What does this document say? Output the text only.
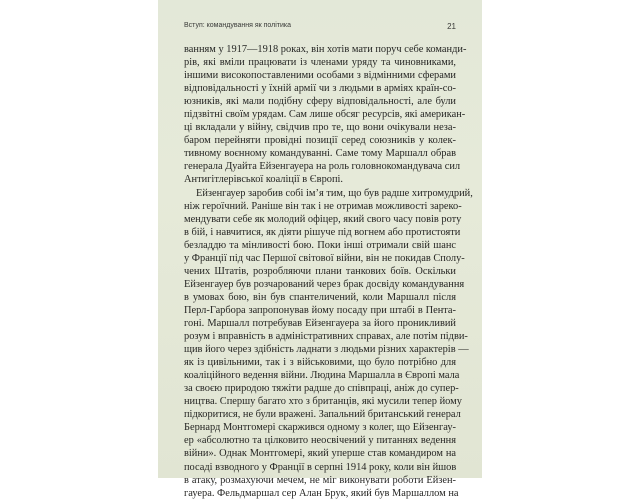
Вступ: командування як політика	21
ванням у 1917—1918 роках, він хотів мати поруч себе команди-
рів, які вміли працювати із членами уряду та чиновниками,
іншими високопоставленими особами з відмінними сферами
відповідальності у їхній армії чи з людьми в арміях країн-со-
юзників, які мали подібну сферу відповідальності, але були
підзвітні своїм урядам. Сам лише обсяг ресурсів, які американ-
ці вкладали у війну, свідчив про те, що вони очікували неза-
баром перейняти провідні позиції серед союзників у колек-
тивному воєнному командуванні. Саме тому Маршалл обрав
генерала Дуайта Ейзенгауера на роль головнокомандувача сил
Антигітлерівської коаліції в Європі.
Ейзенгауер заробив собі ім’я тим, що був радше хитромудрий,
ніж героїчний. Раніше він так і не отримав можливості зареко-
мендувати себе як молодий офіцер, який свого часу повів роту
в бій, і навчитися, як діяти рішуче під вогнем або протистояти
безладдю та мінливості бою. Поки інші отримали свій шанс
у Франції під час Першої світової війни, він не покидав Сполу-
чених Штатів, розробляючи плани танкових боїв. Оскільки
Ейзенгауер був розчарований через брак досвіду командування
в умовах бою, він був спантеличений, коли Маршалл після
Перл-Гарбора запропонував йому посаду при штабі в Пента-
гоні. Маршалл потребував Ейзенгауера за його проникливий
розум і вправність в адміністративних справах, але потім підви-
щив його через здібність ладнати з людьми різних характерів —
як із цивільними, так і з військовими, що було потрібно для
коаліційного ведення війни. Людина Маршалла в Європі мала
за своєю природою тяжіти радше до співпраці, аніж до супер-
ництва. Спершу багато хто з британців, які мусили тепер йому
підкоритися, не були вражені. Запальний британський генерал
Бернард Монтгомері скаржився одному з колег, що Ейзенгау-
ер «абсолютно та цілковито неосвічений у питаннях ведення
війни». Однак Монтгомері, який уперше став командиром на
посаді взводного у Франції в серпні 1914 року, коли він йшов
в атаку, розмахуючи мечем, не міг виконувати роботи Ейзен-
гауера. Фельдмаршал сер Алан Брук, який був Маршаллом на
